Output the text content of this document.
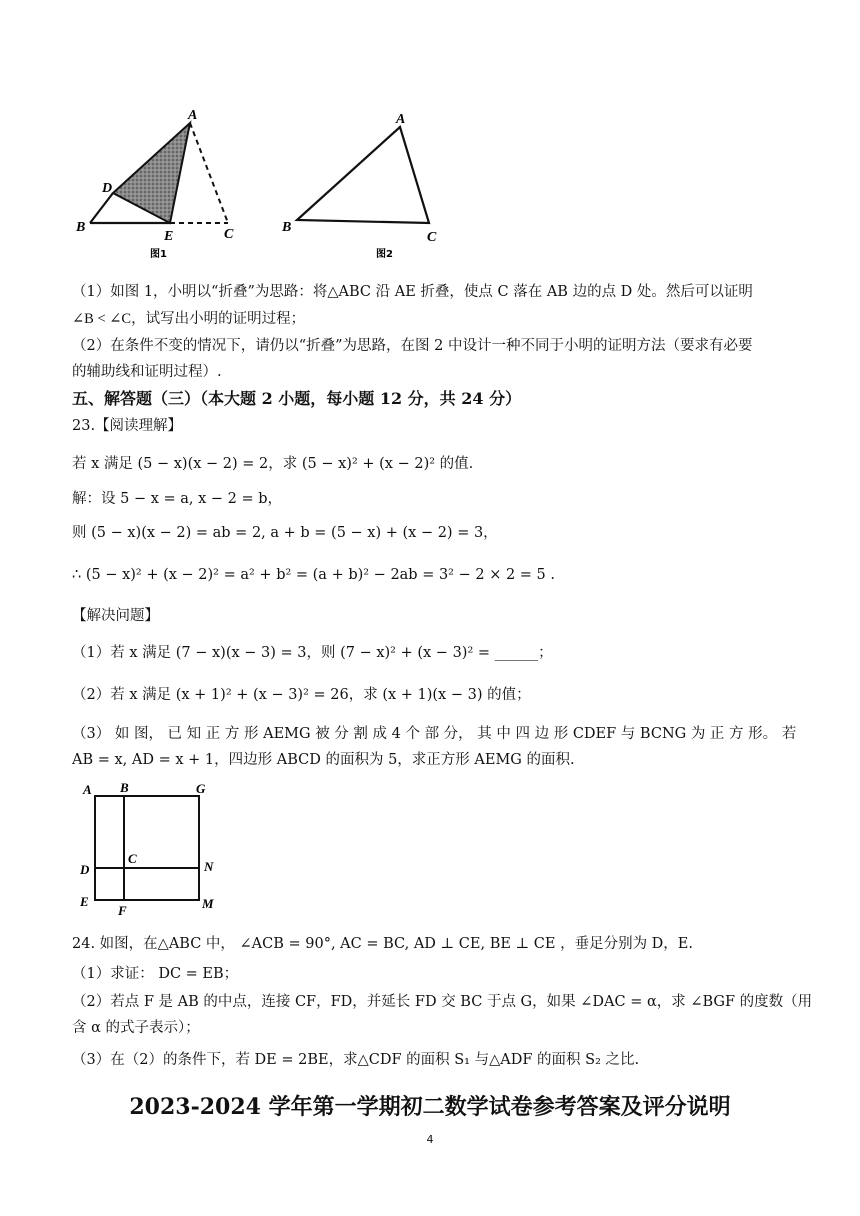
A
B	C
D
E
图1
A
B
C
图2
（1）如图 1，小明以“折叠”为思路：将△ABC 沿 AE 折叠，使点 C 落在 AB 边的点 D 处。然后可以证明
∠B < ∠C，试写出小明的证明过程；
（2）在条件不变的情况下，请仍以“折叠”为思路，在图 2 中设计一种不同于小明的证明方法（要求有必要
的辅助线和证明过程）.
五、解答题（三）（本大题 2 小题，每小题 12 分，共 24 分）
23.【阅读理解】
若 x 满足 (5 − x)(x − 2) = 2，求 (5 − x)² + (x − 2)² 的值.
解：设 5 − x = a, x − 2 = b，
则 (5 − x)(x − 2) = ab = 2, a + b = (5 − x) + (x − 2) = 3，
∴ (5 − x)² + (x − 2)² = a² + b² = (a + b)² − 2ab = 3² − 2 × 2 = 5 .
【解决问题】
（1）若 x 满足 (7 − x)(x − 3) = 3，则 (7 − x)² + (x − 3)² = ______；
（2）若 x 满足 (x + 1)² + (x − 3)² = 26，求 (x + 1)(x − 3) 的值；
（3） 如 图， 已 知 正 方 形 AEMG 被 分 割 成 4 个 部 分， 其 中 四 边 形 CDEF 与 BCNG 为 正 方 形。 若
AB = x, AD = x + 1，四边形 ABCD 的面积为 5，求正方形 AEMG 的面积.
A B	G
D
C
N
E
F	M
24. 如图，在△ABC 中， ∠ACB = 90°, AC = BC, AD ⊥ CE, BE ⊥ CE ，垂足分别为 D，E.
（1）求证： DC = EB；
（2）若点 F 是 AB 的中点，连接 CF，FD，并延长 FD 交 BC 于点 G，如果 ∠DAC = α，求 ∠BGF 的度数（用
含 α 的式子表示）；
（3）在（2）的条件下，若 DE = 2BE，求△CDF 的面积 S₁ 与△ADF 的面积 S₂ 之比.
2023-2024 学年第一学期初二数学试卷参考答案及评分说明
4
